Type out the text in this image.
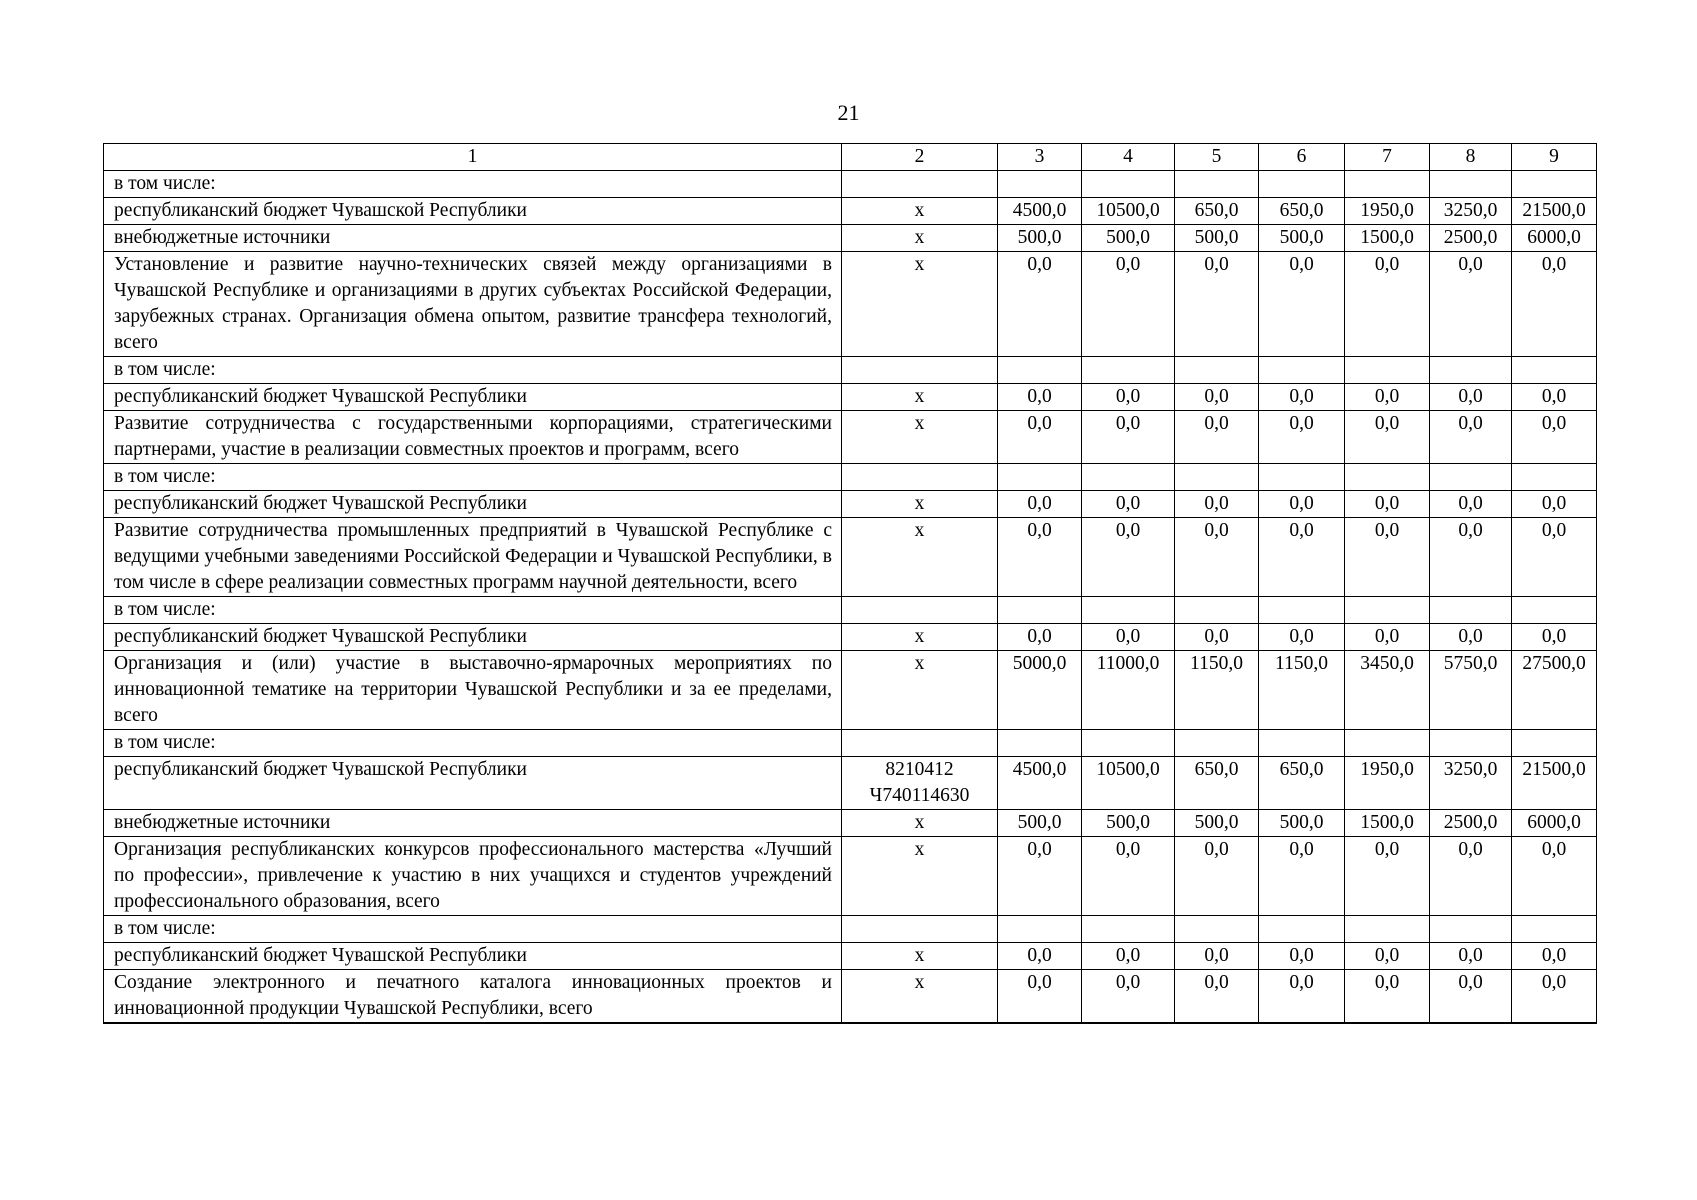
21
1	2	3	4	5	6	7	8	9
в том числе:								
республиканский бюджет Чувашской Республики	х	4500,0	10500,0	650,0	650,0	1950,0	3250,0	21500,0
внебюджетные источники	х	500,0	500,0	500,0	500,0	1500,0	2500,0	6000,0
Установление и развитие научно-технических связей между организациями в Чувашской Республике и организациями в других субъектах Российской Федерации, зарубежных странах. Организация обмена опытом, развитие трансфера технологий, всего	х	0,0	0,0	0,0	0,0	0,0	0,0	0,0
в том числе:								
республиканский бюджет Чувашской Республики	х	0,0	0,0	0,0	0,0	0,0	0,0	0,0
Развитие сотрудничества с государственными корпорациями, стратегическими партнерами, участие в реализации совместных проектов и программ, всего	х	0,0	0,0	0,0	0,0	0,0	0,0	0,0
в том числе:								
республиканский бюджет Чувашской Республики	х	0,0	0,0	0,0	0,0	0,0	0,0	0,0
Развитие сотрудничества промышленных предприятий в Чувашской Республике с ведущими учебными заведениями Российской Федерации и Чувашской Республики, в том числе в сфере реализации совместных программ научной деятельности, всего	х	0,0	0,0	0,0	0,0	0,0	0,0	0,0
в том числе:								
республиканский бюджет Чувашской Республики	х	0,0	0,0	0,0	0,0	0,0	0,0	0,0
Организация и (или) участие в выставочно-ярмарочных мероприятиях по инновационной тематике на территории Чувашской Республики и за ее пределами, всего	х	5000,0	11000,0	1150,0	1150,0	3450,0	5750,0	27500,0
в том числе:								
республиканский бюджет Чувашской Республики	8210412 Ч740114630	4500,0	10500,0	650,0	650,0	1950,0	3250,0	21500,0
внебюджетные источники	х	500,0	500,0	500,0	500,0	1500,0	2500,0	6000,0
Организация республиканских конкурсов профессионального мастерства «Лучший по профессии», привлечение к участию в них учащихся и студентов учреждений профессионального образования, всего	х	0,0	0,0	0,0	0,0	0,0	0,0	0,0
в том числе:								
республиканский бюджет Чувашской Республики	х	0,0	0,0	0,0	0,0	0,0	0,0	0,0
Создание электронного и печатного каталога инновационных проектов и инновационной продукции Чувашской Республики, всего	х	0,0	0,0	0,0	0,0	0,0	0,0	0,0
